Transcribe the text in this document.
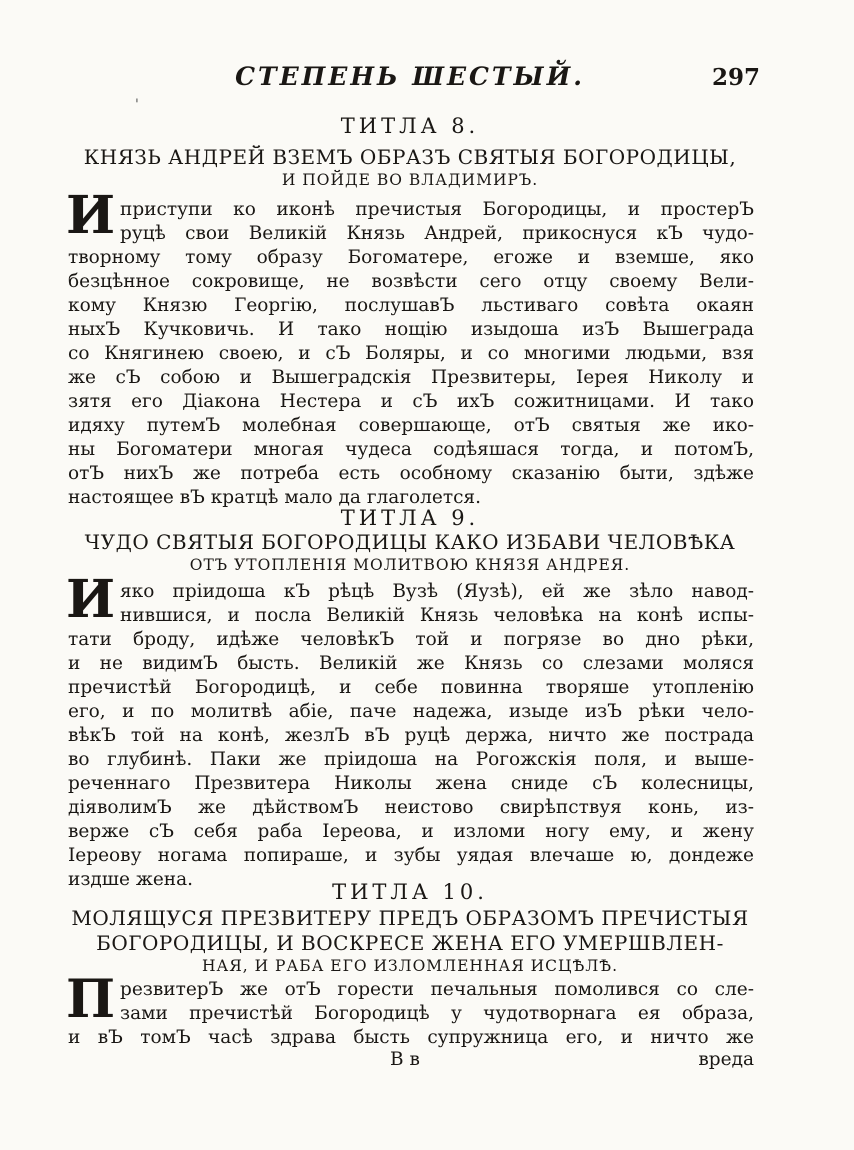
СТЕПЕНЬ ШЕСТЫЙ.	297
'
ТИТЛА 8.
КНЯЗЬ АНДРЕЙ ВЗЕМЪ ОБРАЗЪ СВЯТЫЯ БОГОРОДИЦЫ,
И ПОЙДЕ ВО ВЛАДИМИРЪ.
И приступи ко иконѣ пречистыя Богородицы, и простерЪ
руцѣ свои Великій Князь Андрей, прикоснуся кЪ чудо-
творному тому образу Богоматере, егоже и вземше, яко
безцѣнное сокровище, не возвѣсти сего отцу своему Вели-
кому Князю Георгію, послушавЪ льстиваго совѣта окаян
ныхЪ Кучковичь. И тако нощію изыдоша изЪ Вышеграда
со Княгинею своею, и сЪ Боляры, и со многими людьми, взя
же сЪ собою и Вышеградскія Презвитеры, Іерея Николу и
зятя его Діакона Нестера и сЪ ихЪ сожитницами. И тако
идяху путемЪ молебная совершающе, отЪ святыя же ико-
ны Богоматери многая чудеса содѣяшася тогда, и потомЪ,
отЪ нихЪ же потреба есть особному сказанію быти, здѣже
настоящее вЪ кратцѣ мало да глаголется.
ТИТЛА 9.
ЧУДО СВЯТЫЯ БОГОРОДИЦЫ КАКО ИЗБАВИ ЧЕЛОВѢКА
ОТЪ УТОПЛЕНІЯ МОЛИТВОЮ КНЯЗЯ АНДРЕЯ.
И яко пріидоша кЪ рѣцѣ Вузѣ (Яузѣ), ей же зѣло навод-
нившися, и посла Великій Князь человѣка на конѣ испы-
тати броду, идѣже человѣкЪ той и погрязе во дно рѣки,
и не видимЪ бысть. Великій же Князь со слезами моляся
пречистѣй Богородицѣ, и себе повинна творяше утопленію
его, и по молитвѣ абіе, паче надежа, изыде изЪ рѣки чело-
вѣкЪ той на конѣ, жезлЪ вЪ руцѣ держа, ничто же пострада
во глубинѣ. Паки же пріидоша на Рогожскія поля, и выше-
реченнаго Презвитера Николы жена сниде сЪ колесницы,
діяволимЪ же дѣйствомЪ неистово свирѣпствуя конь, из-
верже сЪ себя раба Іереова, и изломи ногу ему, и жену
Іереову ногама попираше, и зубы уядая влечаше ю, дондеже
издше жена.
ТИТЛА 10.
МОЛЯЩУСЯ ПРЕЗВИТЕРУ ПРЕДЪ ОБРАЗОМЪ ПРЕЧИСТЫЯ
БОГОРОДИЦЫ, И ВОСКРЕСЕ ЖЕНА ЕГО УМЕРШВЛЕН-
НАЯ, И РАБА ЕГО ИЗЛОМЛЕННАЯ ИСЦѢЛѢ.
П резвитерЪ же отЪ горести печальныя помолився со сле-
зами пречистѣй Богородицѣ у чудотворнага ея образа,
и вЪ томЪ часѣ здрава бысть супружница его, и ничто же
В в	вреда
